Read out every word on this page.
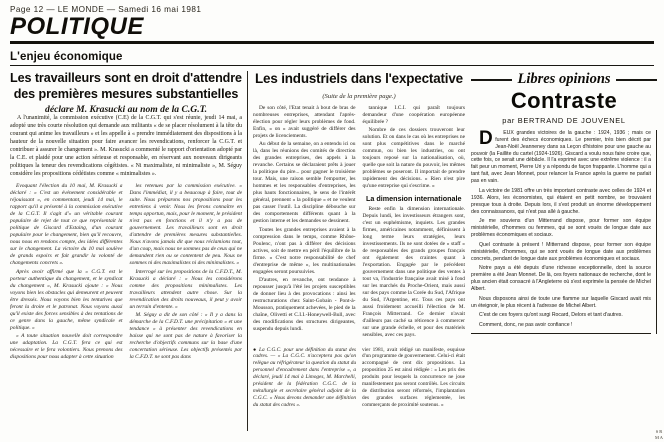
Page 12 — LE MONDE — Samedi 16 mai 1981
POLITIQUE
L'enjeu économique
Les travailleurs sont en droit d'attendre
des premières mesures substantielles
déclare M. Krasucki au nom de la C.G.T.

A l'unanimité, la commission exécutive (C.E) de la C.G.T. qui s'est réunie, jeudi 14 mai, a adopté une très courte résolution qui demande aux militants « de se placer résolument à la tête du courant qui anime les travailleurs » et les appelle à « prendre immédiatement des dispositions à la hauteur de la nouvelle situation pour faire avancer les revendications, renforcer la C.G.T. et contribuer à assurer le changement ». M. Krasucki a commenté le rapport d'orientation adopté par la C.E. et plaidé pour une action sérieuse et responsable, en réservant aux nouveaux dirigeants politiques la teneur des revendications cégétistes. « Ni maximaliste, ni minimaliste », M. Séguy considère les propositions cédétistes comme « minimalistes ».

Evoquant l'élection du 10 mai, M. Krasucki a déclaré : « C'est un événement considérable et réjouissant », en commentant, jeudi 14 mai, le rapport qu'il a présenté à la commission exécutive de la C.G.T. Il s'agit d'« un véritable courant populaire de rejet de tout ce que représentait la politique de Giscard d'Estaing, d'un courant populaire pour le changement, bien qu'il recouvre, nous nous en rendons compte, des idées différentes sur le changement. La victoire du 10 mai soulève de grands espoirs et fait grandir la volonté de changements concrets ».

Après avoir affirmé que la « C.G.T. est le porteur authentique du changement, et le syndicat du changement », M. Krasucki ajoute : « Nous voyons bien les obstacles qui demeurent et peuvent être dressés. Nous voyons bien les tentatives que feront la droite et le patronat. Nous voyons aussi qu'il existe des forces sensibles à des tentations de ce genre dans la gauche, même syndicale et politique. »

« A toute situation nouvelle doit correspondre une adaptation. La C.G.T. fera ce qui est nécessaire et le fera volontiers. Nous prenons des dispositions pour nous adapter à cette situation

les retenues par la commission exécutive. « Dans l'immédiat, il y a beaucoup à faire, tout de suite. Nous préparons nos propositions pour les entretiens à venir. Nous les ferons connaître en temps opportun, mais, pour le moment, le président n'est pas en fonctions et il n'y a pas de gouvernement. Les travailleurs sont en droit d'attendre de premières mesures substantielles. Nous n'avons jamais dit que nous réclamions tout, d'un coup, mais nous ne sommes pas de ceux qui ne demandent rien ou se contentent de peu. Nous ne sommes ni des maximalistes ni des minimalistes. »

Interrogé sur les propositions de la C.F.D.T., M. Krasucki a déclaré : « Nous les considérons comme des propositions minimalistes. Les travailleurs attendent autre chose. Sur la revendication des droits nouveaux, il peut y avoir un terrain d'entente. »

M. Séguy a dit de son côté : « Il y a dans la démarche de la C.F.D.T. une précipitation » et une tendance « à présenter des revendications en baisse qui ne sont pas de nature à favoriser la recherche d'objectifs communs sur la base d'une concertation sérieuse. Les objectifs présentés par la C.F.D.T. ne sont pas dans

Les industriels dans l'expectative
(Suite de la première page.)

De son côté, l'Etat tenait à bout de bras de nombreuses entreprises, attendant l'après-élection pour régler leurs problèmes de fond. Enfin, « on » avait suggéré de différer des projets de licenciements.

Au début de la semaine, on a entendu ici ou là, dans les réunions des comités de direction des grandes entreprises, des appels à la revanche. Certains se déclaraient prêts à jouer la politique du pire... pour gagner le troisième tour. Mais, une raison semble l'emporter, les hommes et les responsables d'entreprises, les plus hauts fonctionnaires, le sens de l'intérêt général, prennent « la politique » et ne veulent pas casser l'outil. La discipline débouche sur des comportements différents quant à la gestion interne et les demandes se dessinent.

Toutes les grandes entreprises avaient à la compression dans le temps, comme Rhône-Poulenc, n'ont pas à différer des décisions actives, soit de mettre en péril l'équilibre de la firme. « C'est notre responsabilité de chef d'entreprise de même », les multinationales engagées seront poursuivies.

D'autres, en revanche, ont tendance à repousser jusqu'à l'été les projets susceptibles de donner lieu à des provocations : ainsi les restructurations chez Saint-Gobain - Pont-à-Mousson, pratiquement achevées, le pied de la chaîne, Olivetti et C.I.I.-Honeywell-Bull, avec des modifications des structures dirigeantes, suspendu depuis lundi.

tannique I.C.I. qui paraît toujours demandeur d'une coopération européenne équilibrée ?

Nombre de ces dossiers trouveront leur solution. Et on dans le cas où les entreprises ne sont plus compétitives dans le marché commun, ou bien les industries, ou ont toujours reposé sur la nationalisation, où, quelle que soit la nature du pouvoir, les mêmes problèmes se poseront. Il importait de prendre rapidement des décisions. « Rien n'est pire qu'une entreprise qui s'escrime. »

La dimension internationale

Reste enfin la dimension internationale. Depuis lundi, les investisseurs étrangers sont, c'est un euphémisme, inquiets. Les grandes firmes, américaines notamment, définissent à long terme leurs stratégies, leurs investissements. Ils ne sont dotées de « staff » de responsables des grands groupes français ont également des craintes quant à l'exportation. Engagée par le précédent gouvernement dans une politique des ventes à tout va, l'industrie française avait misé à fond sur les marchés du Proche-Orient, mais aussi sur des pays comme la Corée du Sud, l'Afrique du Sud, l'Argentine, etc. Tous ces pays ont aussi froidement accueilli l'élection de M. François Mitterrand. Ce dernier n'avait d'ailleurs pas caché sa réticence à commercer sur une grande échelle, et pour des matériels sensibles, avec ces pays.

● La C.G.C. pour une définition du statut des cadres. — « La C.G.C. n'acceptera pas qu'on relègue au réfrigérateur la question du statut du personnel d'encadrement dans l'entreprise », a déclaré, jeudi 14 mai à Limoges, M. Marchelli, président de la fédération C.G.C. de la métallurgie et secrétaire général adjoint de la C.G.C. « Nous devons demander une définition du statut des cadres ».

vier 1981, avait rédigé un manifeste, esquisse d'un programme de gouvernement. Celui-ci était accompagné de cent dix propositions. La proposition 25 est ainsi rédigée : « Les prix des produits pour lesquels la concurrence ne joue manifestement pas seront contrôlés. Les circuits de distribution seront réformés, l'implantation des grandes surfaces réglementée, les commerçants de proximité soutenus. »

Libres opinions
Contraste
par BERTRAND DE JOUVENEL

D	EUX grandes victoires de la gauche : 1924, 1936 ; mais ce furent des échecs économiques. Le premier, très bien décrit par Jean-Noël Jeanneney dans sa Leçon d'histoire pour une gauche au pouvoir (la Faillite du cartel (1924-1926). Giscard a voulu nous faire croire que, cette fois, ce serait une débâcle. Il l'a exprimé avec une extrême violence : il a fait peur un moment, Pierre Uri y a répondu de façon frappante. L'homme qui a tant fait, avec Jean Monnet, pour relancer la France après la guerre ne parlait pas en vain.

La victoire de 1981 offre un très important contraste avec celles de 1924 et 1936. Alors, les économistes, qui étaient en petit nombre, se trouvaient presque tous à droite. Depuis lors, il s'est produit un énorme développement des connaissances, qui n'est pas allé à gauche.

Je me souviens d'un Mitterrand dispose, pour former son équipe ministérielle, d'hommes ou femmes, qui se sont voués de longue date aux problèmes économiques et sociaux.

Quel contraste à présent ! Mitterrand dispose, pour former son équipe ministérielle, d'hommes, qui se sont voués de longue date aux problèmes concrets, pendant de longue date aux problèmes économiques et sociaux.

Notre pays a été depuis d'une richesse exceptionnelle, dont la source première a été Jean Monnet. De là, ces foyers nationaux de recherche, dont le plus ancien était consacré à l'Angleterre où s'est exprimée la pensée de Michel Albert.

Nous disposons ainsi de toute une flamme sur laquelle Giscard avait mis un éteignoir, le plus récent à l'adresse de Michel Albert.

C'est de ces foyers qu'ont surgi Rocard, Delors et tant d'autres.

Comment, donc, ne pas avoir confiance !

S R M A
